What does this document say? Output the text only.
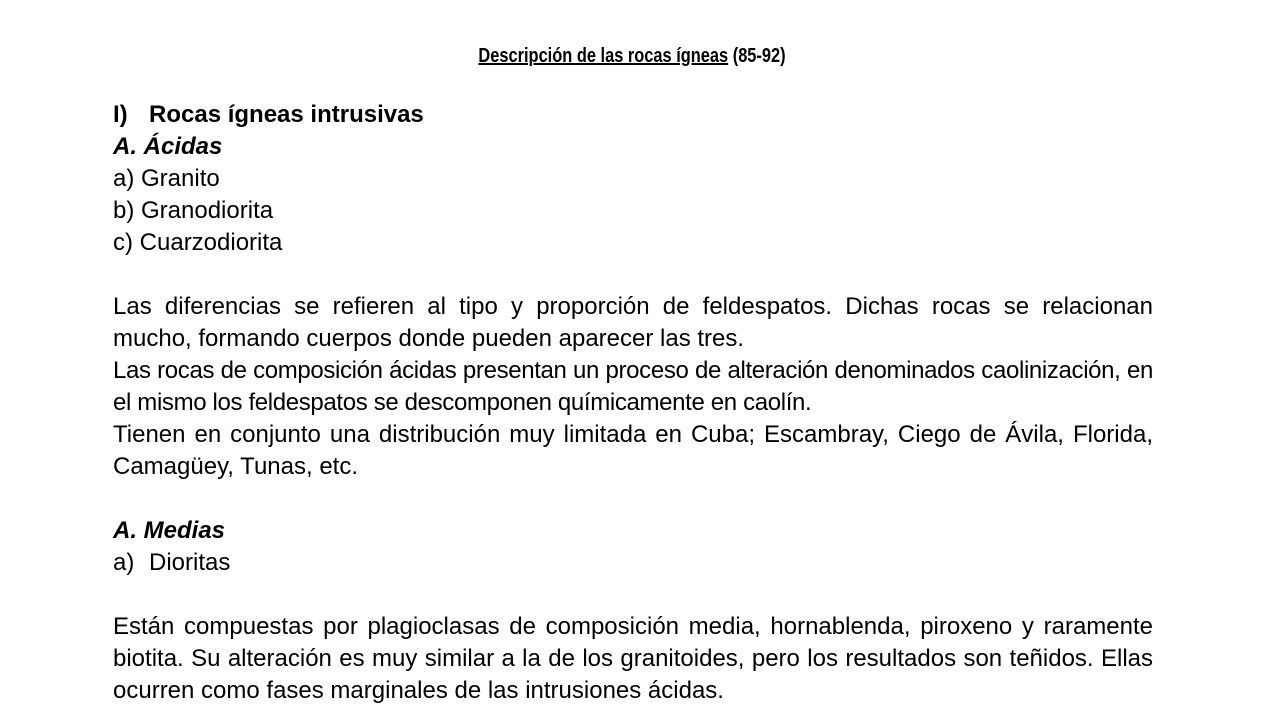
Descripción de las rocas ígneas (85-92)
I) Rocas ígneas intrusivas
A. Ácidas
a) Granito
b) Granodiorita
c) Cuarzodiorita

Las diferencias se refieren al tipo y proporción de feldespatos. Dichas rocas se relacionan mucho, formando cuerpos donde pueden aparecer las tres.

Las rocas de composición ácidas presentan un proceso de alteración denominados caolinización, en el mismo los feldespatos se descomponen químicamente en caolín.

Tienen en conjunto una distribución muy limitada en Cuba; Escambray, Ciego de Ávila, Florida, Camagüey, Tunas, etc.

A. Medias
a) Dioritas

Están compuestas por plagioclasas de composición media, hornablenda, piroxeno y raramente biotita. Su alteración es muy similar a la de los granitoides, pero los resultados son teñidos. Ellas ocurren como fases marginales de las intrusiones ácidas.
